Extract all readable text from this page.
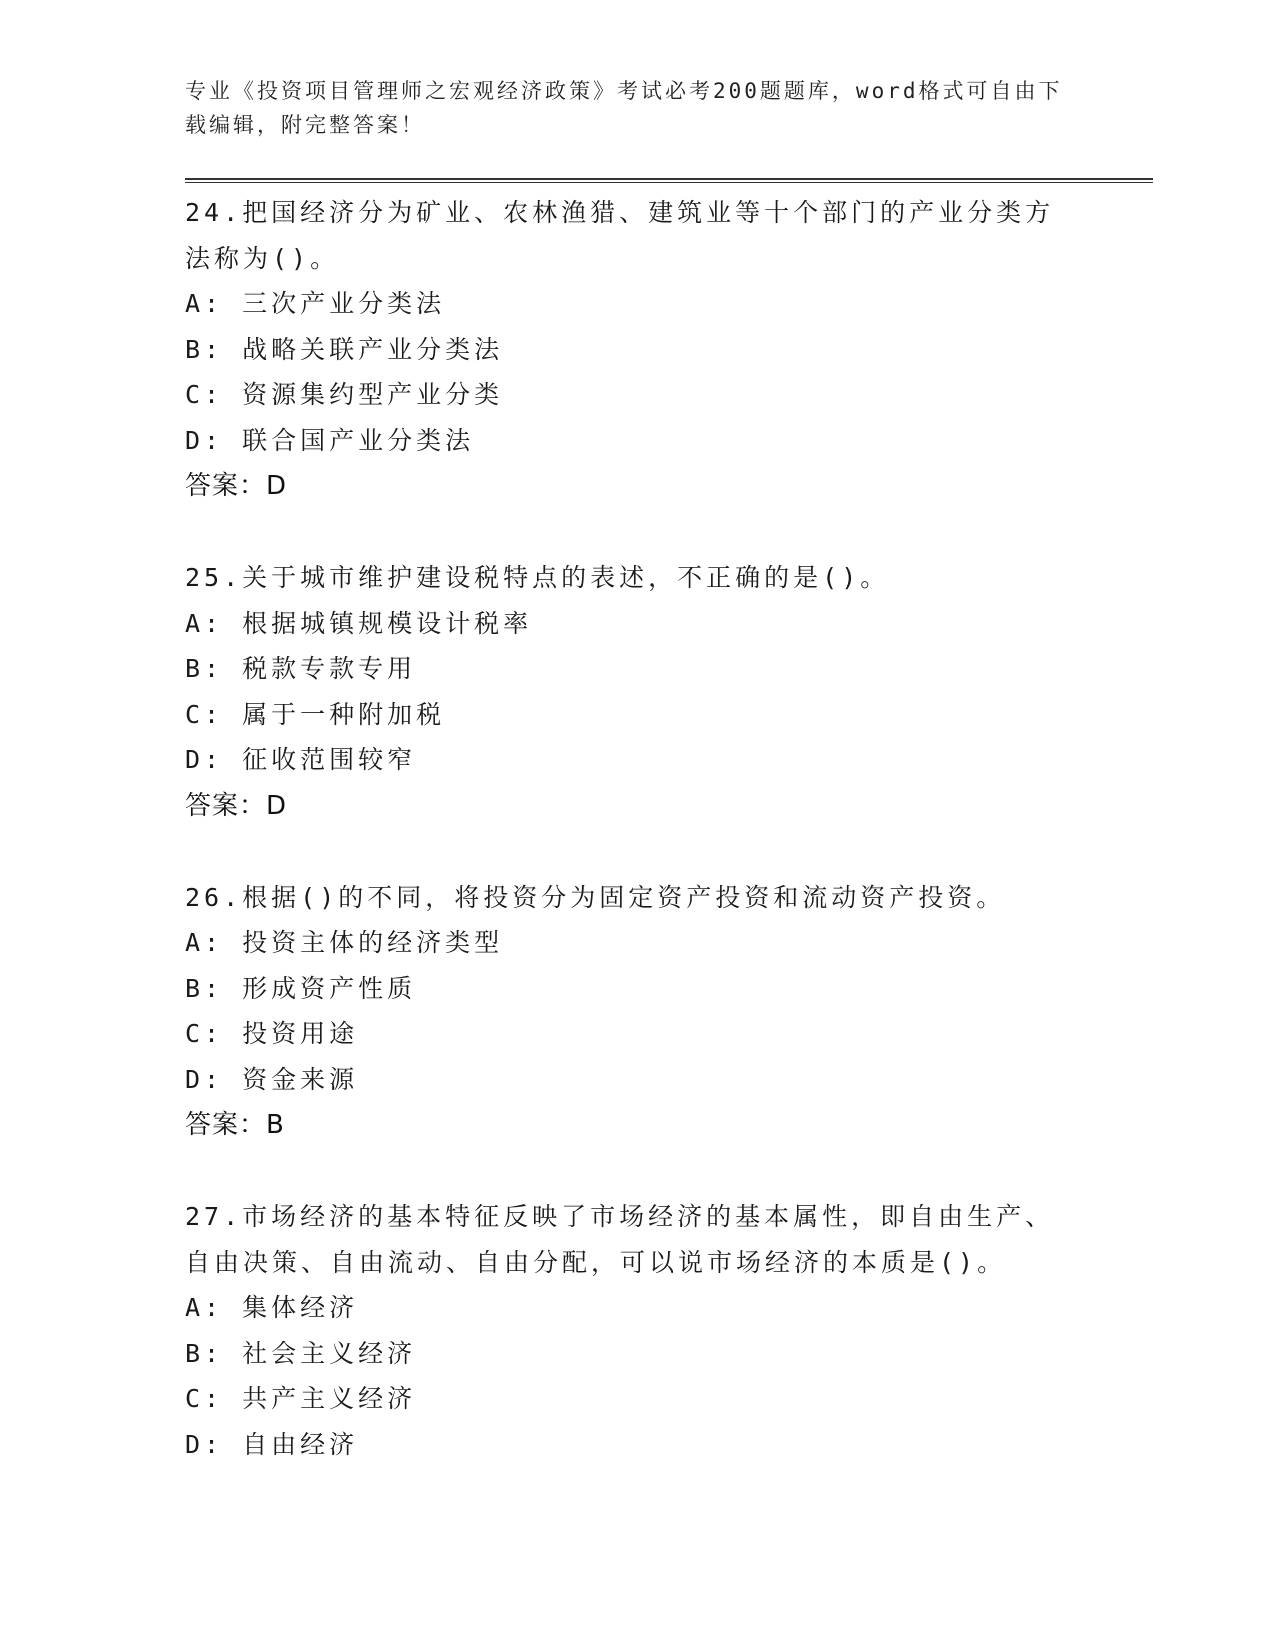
专业《投资项目管理师之宏观经济政策》考试必考200题题库，word格式可自由下载编辑，附完整答案！
24.把国经济分为矿业、农林渔猎、建筑业等十个部门的产业分类方法称为()。
A: 三次产业分类法
B: 战略关联产业分类法
C: 资源集约型产业分类
D: 联合国产业分类法
答案：D
25.关于城市维护建设税特点的表述，不正确的是()。
A: 根据城镇规模设计税率
B: 税款专款专用
C: 属于一种附加税
D: 征收范围较窄
答案：D
26.根据()的不同，将投资分为固定资产投资和流动资产投资。
A: 投资主体的经济类型
B: 形成资产性质
C: 投资用途
D: 资金来源
答案：B
27.市场经济的基本特征反映了市场经济的基本属性，即自由生产、自由决策、自由流动、自由分配，可以说市场经济的本质是()。
A: 集体经济
B: 社会主义经济
C: 共产主义经济
D: 自由经济
